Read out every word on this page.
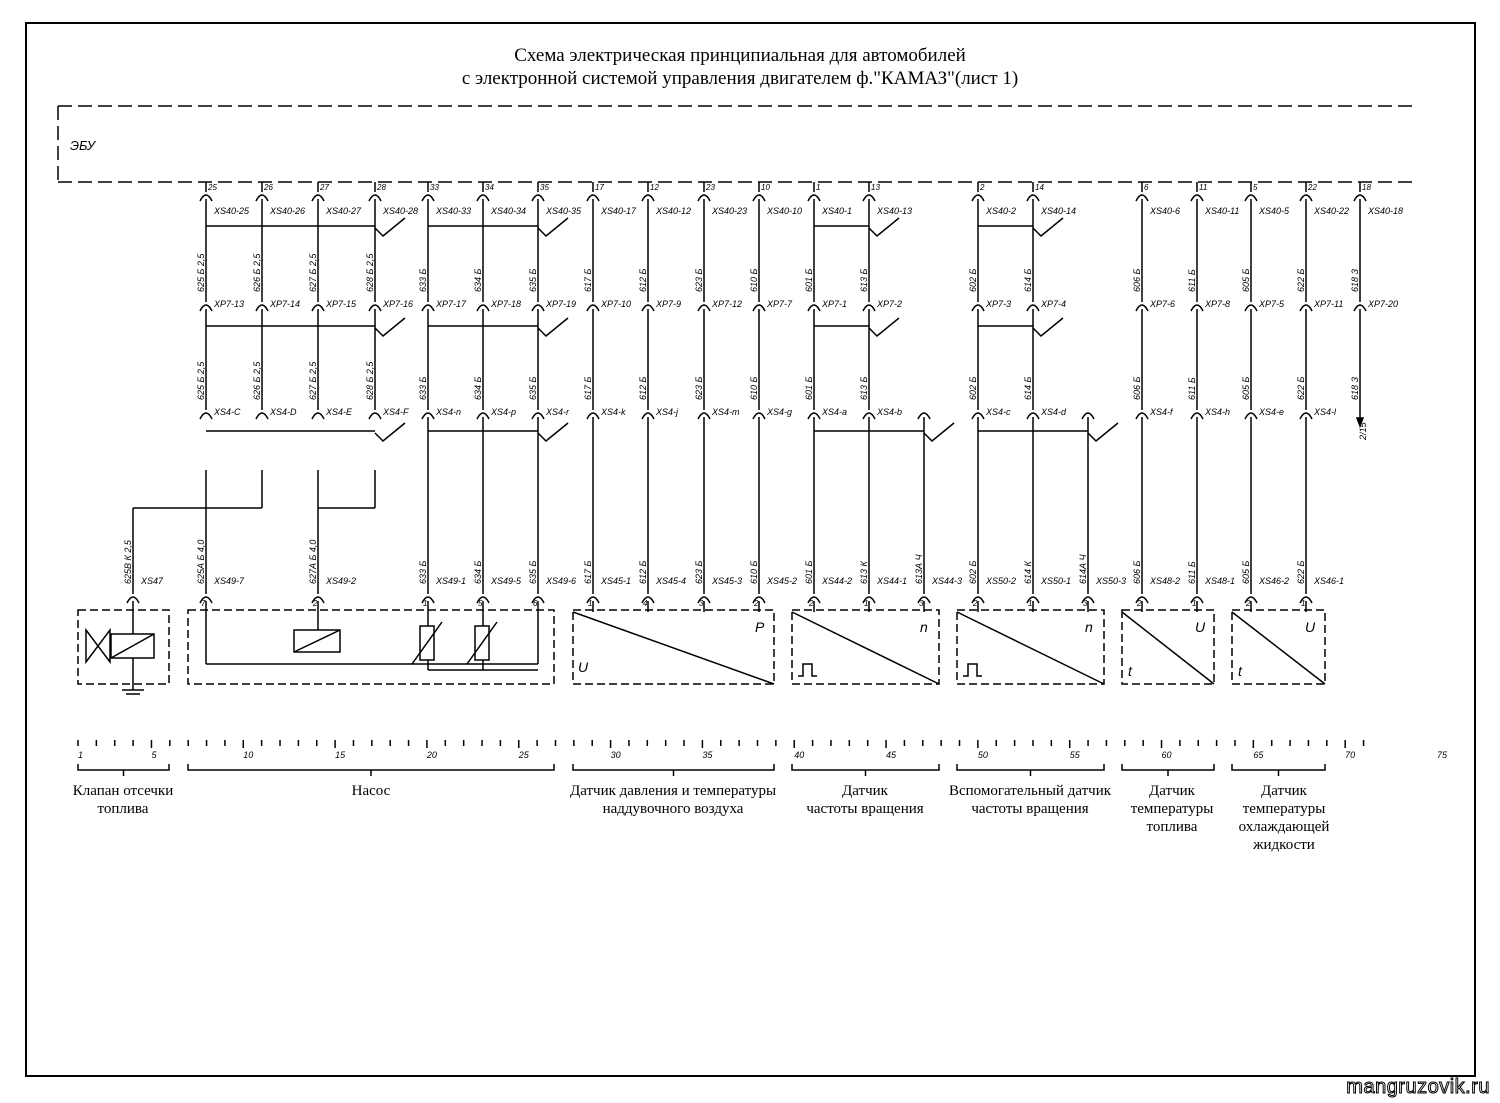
Схема электрическая принципиальная для автомобилей
с электронной системой управления двигателем ф."КАМАЗ"(лист 1)
ЭБУ
25
XS40-25
625 Б 2,5
XP7-13
625 Б 2,5
XS4-C
26
XS40-26
626 Б 2,5
XP7-14
626 Б 2,5
XS4-D
27
XS40-27
627 Б 2,5
XP7-15
627 Б 2,5
XS4-E
28
XS40-28
628 Б 2,5
XP7-16
628 Б 2,5
XS4-F
33
XS40-33
633 Б
XP7-17
633 Б
XS4-n
633 Б XS49-1
1
34
XS40-34
634 Б
XP7-18
634 Б
XS4-p
634 Б XS49-5
5
35
XS40-35
635 Б
XP7-19
635 Б
XS4-r
635 Б XS49-6
6
17
XS40-17
617 Б
XP7-10
617 Б
XS4-k
617 Б XS45-1
1
12
XS40-12
612 Б
XP7-9
612 Б
XS4-j
612 Б XS45-4
4
23
XS40-23
623 Б
XP7-12
623 Б
XS4-m
623 Б XS45-3
3
10
XS40-10
610 Б
XP7-7
610 Б
XS4-g
610 Б XS45-2
2
1
XS40-1
601 Б
XP7-1
601 Б
XS4-a
601 Б XS44-2
2
13
XS40-13
613 Б
XP7-2
613 Б
XS4-b
613 К XS44-1
1
613А Ч XS44-3
3
2
XS40-2
602 Б
XP7-3
602 Б
XS4-c
602 Б XS50-2
2
14
XS40-14
614 Б
XP7-4
614 Б
XS4-d
614 К XS50-1
1
614А Ч XS50-3
3
6
XS40-6
606 Б
XP7-6
606 Б
XS4-f
606 Б XS48-2
2
11
XS40-11
611 Б
XP7-8
611 Б
XS4-h
611 Б XS48-1
1
5
XS40-5
605 Б
XP7-5
605 Б
XS4-e
605 Б XS46-2
2
22
XS40-22
622 Б
XP7-11
622 Б
XS4-l
622 Б XS46-1
1
18
XS40-18
618 З
XP7-20
618 З
625А Б 4,0	627А Б 4,0
XS49-7	XS49-2
7	2
625В К 2,5 XS47
P
U
n	n	U	U
t	t
2/15
1	5	10	15	20	25	30	35	40	45	50	55	60	65	70	75
Клапан отсечки
топлива
Насос	Датчик давления и температуры
наддувочного воздуха
Датчик
частоты вращения
Вспомогательный датчик
частоты вращения
Датчик
температуры
топлива
Датчик
температуры
охлаждающей
жидкости
mangruzovik.ru
